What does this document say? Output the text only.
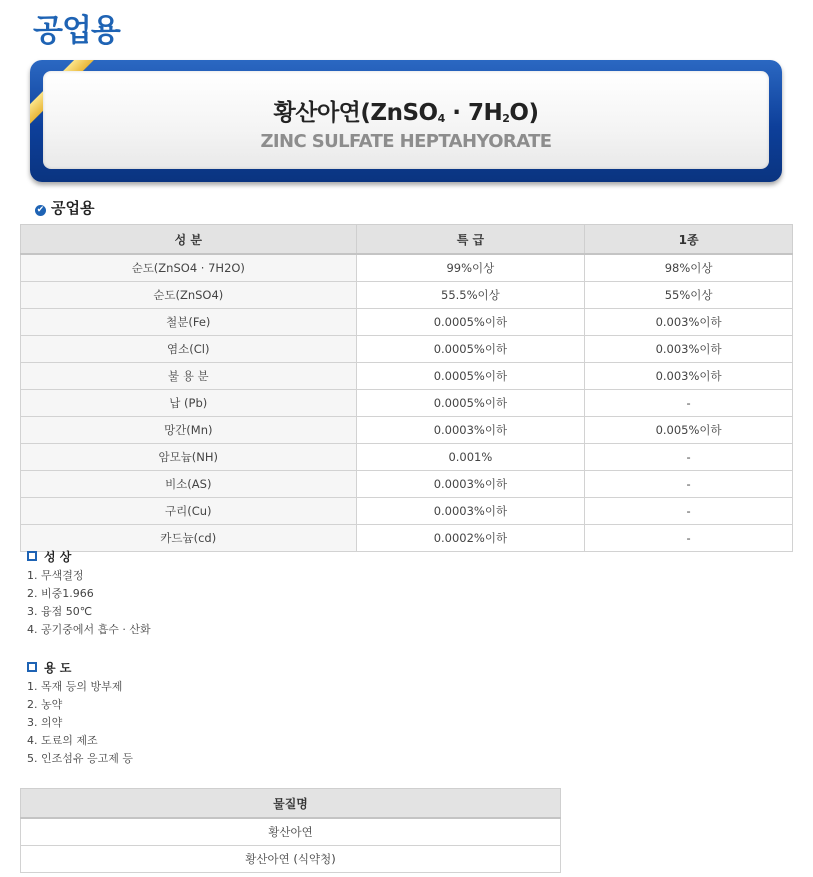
공업용
황산아연(ZnSO$_4$ · $7H_2O$)
ZINC SULFATE HEPTAHYORATE
✔ 공업용
성 분	특 급	1종
순도(ZnSO4 · 7H2O)	99%이상	98%이상
순도(ZnSO4)	55.5%이상	55%이상
철분(Fe)	0.0005%이하	0.003%이하
염소(Cl)	0.0005%이하	0.003%이하
불 용 분	0.0005%이하	0.003%이하
납 (Pb)	0.0005%이하	-
망간(Mn)	0.0003%이하	0.005%이하
암모늄(NH)	0.001%	-
비소(AS)	0.0003%이하	-
구리(Cu)	0.0003%이하	-
카드늄(cd)	0.0002%이하	-
성 상
1. 무색결정
2. 비중1.966
3. 융점 50℃
4. 공기중에서 흡수 · 산화
용 도
1. 목재 등의 방부제
2. 농약
3. 의약
4. 도료의 제조
5. 인조섬유 응고제 등
물질명
황산아연
황산아연 (식약청)
